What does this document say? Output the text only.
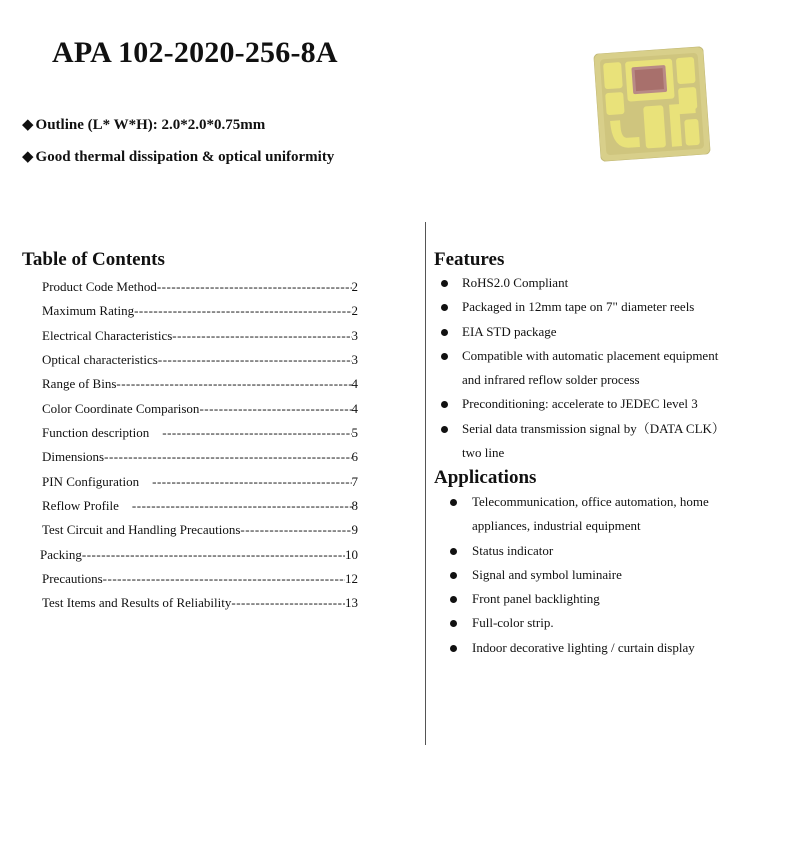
APA 102-2020-256-8A
◆ Outline (L* W*H): 2.0*2.0*0.75mm
◆ Good thermal dissipation & optical uniformity
Table of Contents
Product Code Method -----	2
Maximum Rating -----	2
Electrical Characteristics -----	3
Optical characteristics -----	3
Range of Bins -----	4
Color Coordinate Comparison -----	4
Function description -----	5
Dimensions -----	6
PIN Configuration -----	7
Reflow Profile -----	8
Test Circuit and Handling Precautions -----	9
Packing -----	10
Precautions -----	12
Test Items and Results of Reliability -----	13
Features
RoHS2.0 Compliant
Packaged in 12mm tape on 7" diameter reels
EIA STD package
Compatible with automatic placement equipment
and infrared reflow solder process
Preconditioning: accelerate to JEDEC level 3
Serial data transmission signal by（DATA CLK）
two line
Applications
Telecommunication, office automation, home
appliances, industrial equipment
Status indicator
Signal and symbol luminaire
Front panel backlighting
Full-color strip.
Indoor decorative lighting / curtain display
